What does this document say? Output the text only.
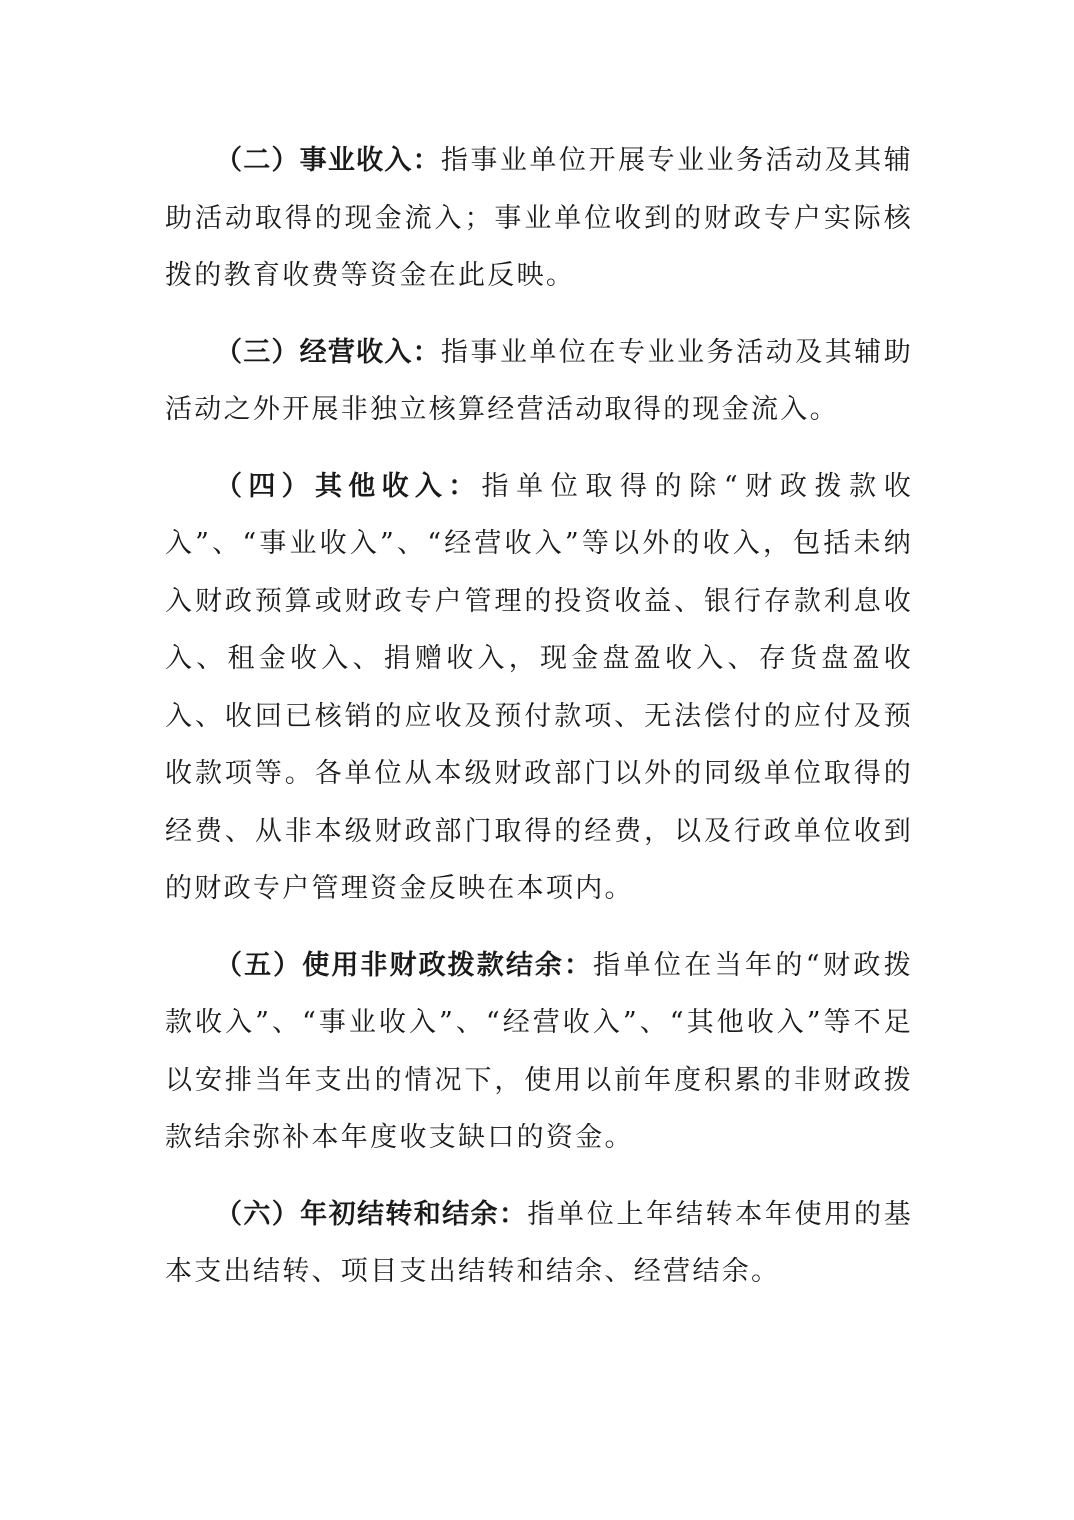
（二）事业收入：指事业单位开展专业业务活动及其辅助活动取得的现金流入；事业单位收到的财政专户实际核拨的教育收费等资金在此反映。

（三）经营收入：指事业单位在专业业务活动及其辅助活动之外开展非独立核算经营活动取得的现金流入。

（四）其他收入：指单位取得的除“财政拨款收入”、“事业收入”、“经营收入”等以外的收入，包括未纳入财政预算或财政专户管理的投资收益、银行存款利息收入、租金收入、捐赠收入，现金盘盈收入、存货盘盈收入、收回已核销的应收及预付款项、无法偿付的应付及预收款项等。各单位从本级财政部门以外的同级单位取得的经费、从非本级财政部门取得的经费，以及行政单位收到的财政专户管理资金反映在本项内。

（五）使用非财政拨款结余：指单位在当年的“财政拨款收入”、“事业收入”、“经营收入”、“其他收入”等不足以安排当年支出的情况下，使用以前年度积累的非财政拨款结余弥补本年度收支缺口的资金。

（六）年初结转和结余：指单位上年结转本年使用的基本支出结转、项目支出结转和结余、经营结余。
